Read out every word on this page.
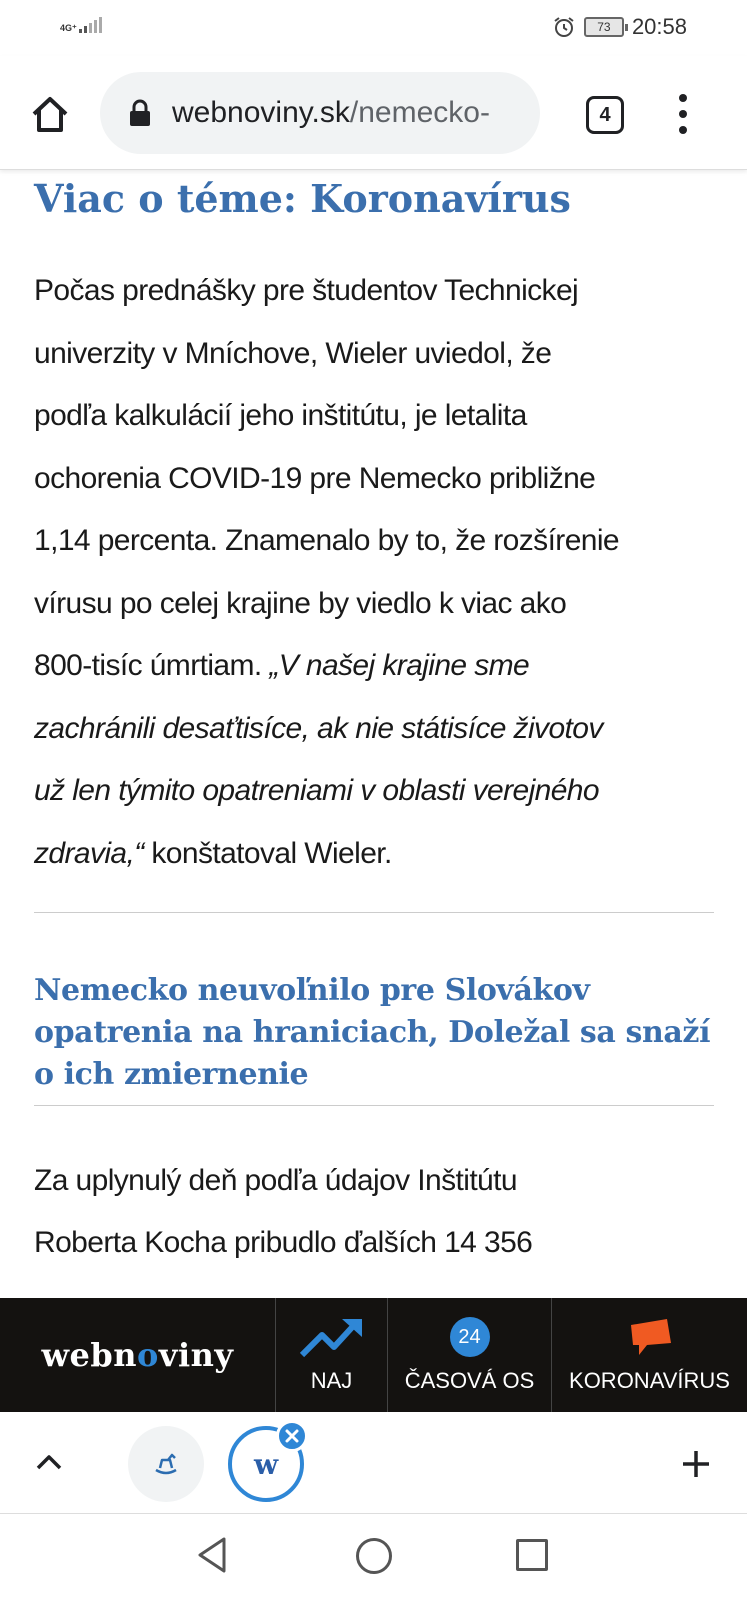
4G⁺	73 20:58
webnoviny.sk/nemecko-	4
Viac o téme: Koronavírus
Počas prednášky pre študentov Technickej
univerzity v Mníchove, Wieler uviedol, že
podľa kalkulácií jeho inštitútu, je letalita
ochorenia COVID-19 pre Nemecko približne
1,14 percenta. Znamenalo by to, že rozšírenie
vírusu po celej krajine by viedlo k viac ako
800-tisíc úmrtiam. „V našej krajine sme
zachránili desaťtisíce, ak nie státisíce životov
už len týmito opatreniami v oblasti verejného
zdravia,“ konštatoval Wieler.
Nemecko neuvoľnilo pre Slovákov
opatrenia na hraniciach, Doležal sa snaží
o ich zmiernenie
Za uplynulý deň podľa údajov Inštitútu
Roberta Kocha pribudlo ďalších 14 356
webnoviny
NAJ
24
ČASOVÁ OS KORONAVÍRUS
w
